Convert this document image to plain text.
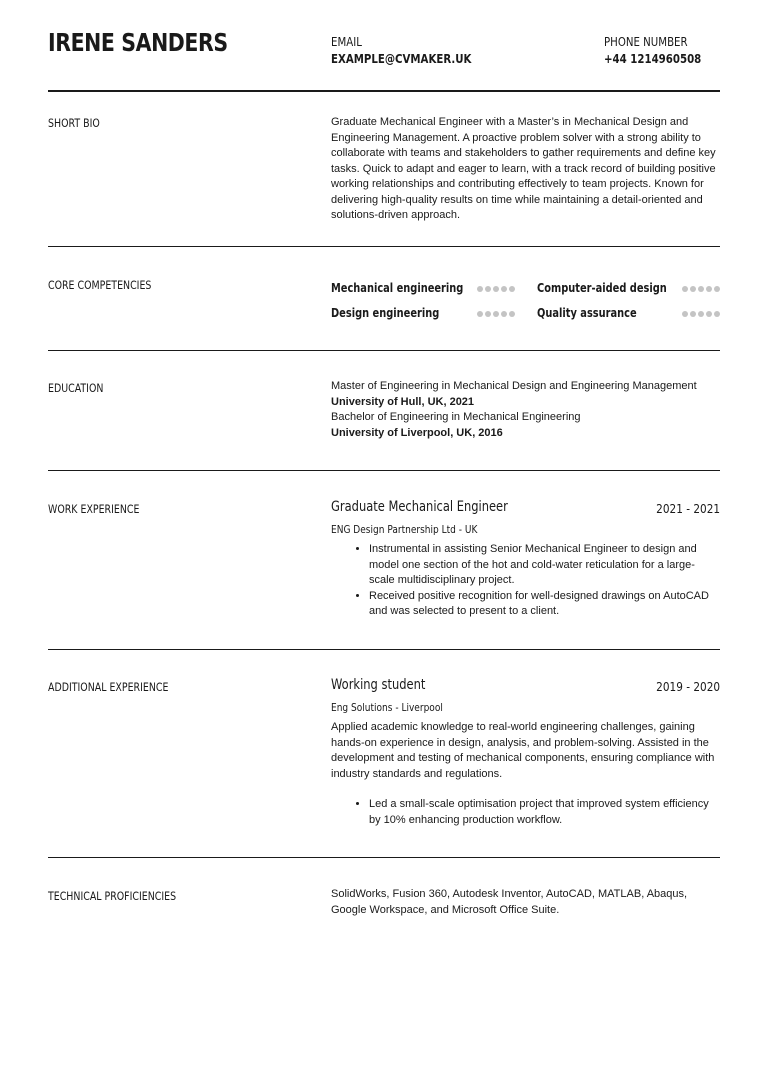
IRENE SANDERS	EMAIL
EXAMPLE@CVMAKER.UK
PHONE NUMBER
+44 1214960508
SHORT BIO	Graduate Mechanical Engineer with a Master’s in Mechanical Design and Engineering Management. A proactive problem solver with a strong ability to collaborate with teams and stakeholders to gather requirements and define key tasks. Quick to adapt and eager to learn, with a track record of building positive working relationships and contributing effectively to team projects. Known for delivering high-quality results on time while maintaining a detail-oriented and solutions-driven approach.

CORE COMPETENCIES	Mechanical engineering	Computer-aided design
Design engineering	Quality assurance
EDUCATION	Master of Engineering in Mechanical Design and Engineering Management
University of Hull, UK, 2021
Bachelor of Engineering in Mechanical Engineering
University of Liverpool, UK, 2016
WORK EXPERIENCE	Graduate Mechanical Engineer	2021 - 2021
ENG Design Partnership Ltd - UK
• Instrumental in assisting Senior Mechanical Engineer to design and model one section of the hot and cold-water reticulation for a large-scale multidisciplinary project.
• Received positive recognition for well-designed drawings on AutoCAD and was selected to present to a client.
ADDITIONAL EXPERIENCE	Working student	2019 - 2020
Eng Solutions - Liverpool

Applied academic knowledge to real-world engineering challenges, gaining hands-on experience in design, analysis, and problem-solving. Assisted in the development and testing of mechanical components, ensuring compliance with industry standards and regulations.

• Led a small-scale optimisation project that improved system efficiency by 10% enhancing production workflow.
TECHNICAL PROFICIENCIES	SolidWorks, Fusion 360, Autodesk Inventor, AutoCAD, MATLAB, Abaqus, Google Workspace, and Microsoft Office Suite.
